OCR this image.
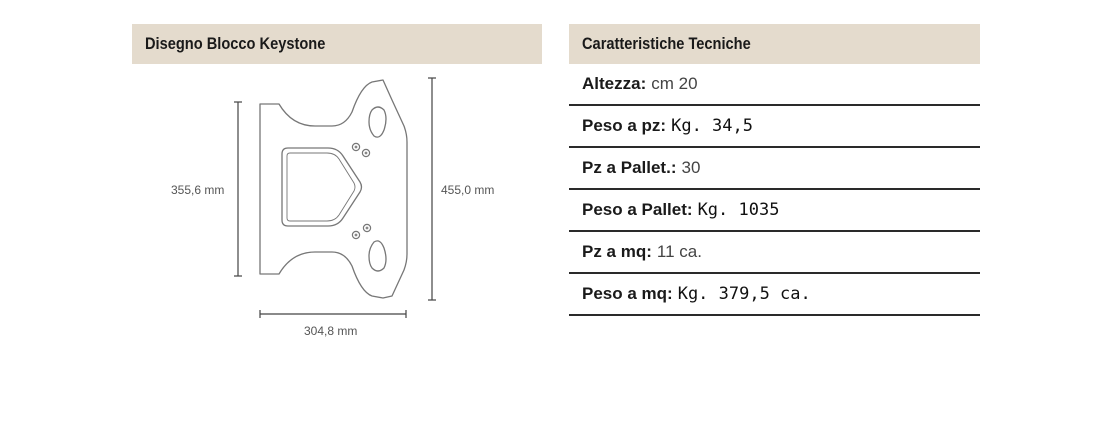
Disegno Blocco Keystone	Caratteristiche Tecniche
355,6 mm	455,0 mm
304,8 mm
Altezza: cm 20
Peso a pz: Kg. 34,5
Pz a Pallet.: 30
Peso a Pallet: Kg. 1035
Pz a mq: 11 ca.
Peso a mq: Kg. 379,5 ca.
